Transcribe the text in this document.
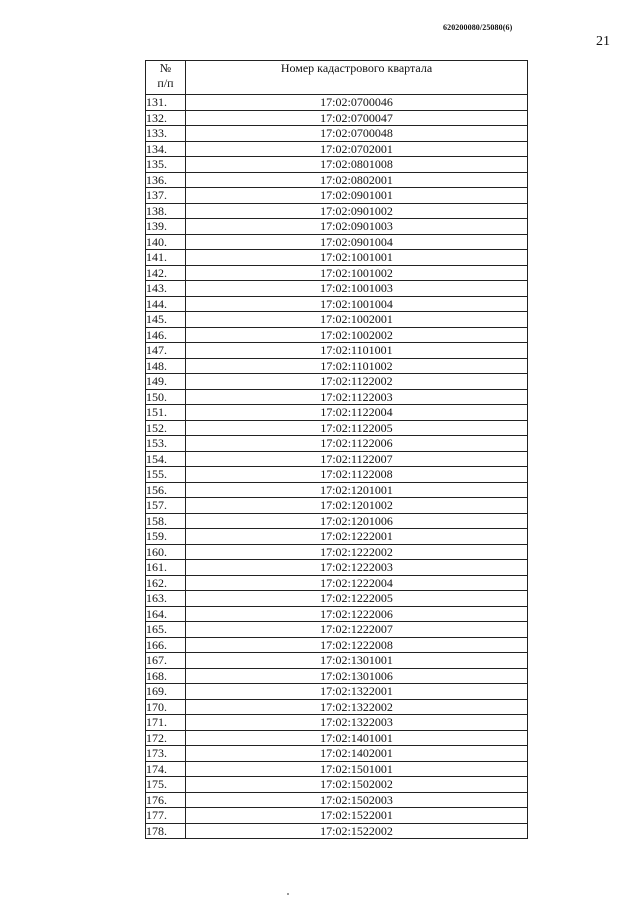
620200080/25080(6)
21
№
п/п	Номер кадастрового квартала
131.	17:02:0700046
132.	17:02:0700047
133.	17:02:0700048
134.	17:02:0702001
135.	17:02:0801008
136.	17:02:0802001
137.	17:02:0901001
138.	17:02:0901002
139.	17:02:0901003
140.	17:02:0901004
141.	17:02:1001001
142.	17:02:1001002
143.	17:02:1001003
144.	17:02:1001004
145.	17:02:1002001
146.	17:02:1002002
147.	17:02:1101001
148.	17:02:1101002
149.	17:02:1122002
150.	17:02:1122003
151.	17:02:1122004
152.	17:02:1122005
153.	17:02:1122006
154.	17:02:1122007
155.	17:02:1122008
156.	17:02:1201001
157.	17:02:1201002
158.	17:02:1201006
159.	17:02:1222001
160.	17:02:1222002
161.	17:02:1222003
162.	17:02:1222004
163.	17:02:1222005
164.	17:02:1222006
165.	17:02:1222007
166.	17:02:1222008
167.	17:02:1301001
168.	17:02:1301006
169.	17:02:1322001
170.	17:02:1322002
171.	17:02:1322003
172.	17:02:1401001
173.	17:02:1402001
174.	17:02:1501001
175.	17:02:1502002
176.	17:02:1502003
177.	17:02:1522001
178.	17:02:1522002
